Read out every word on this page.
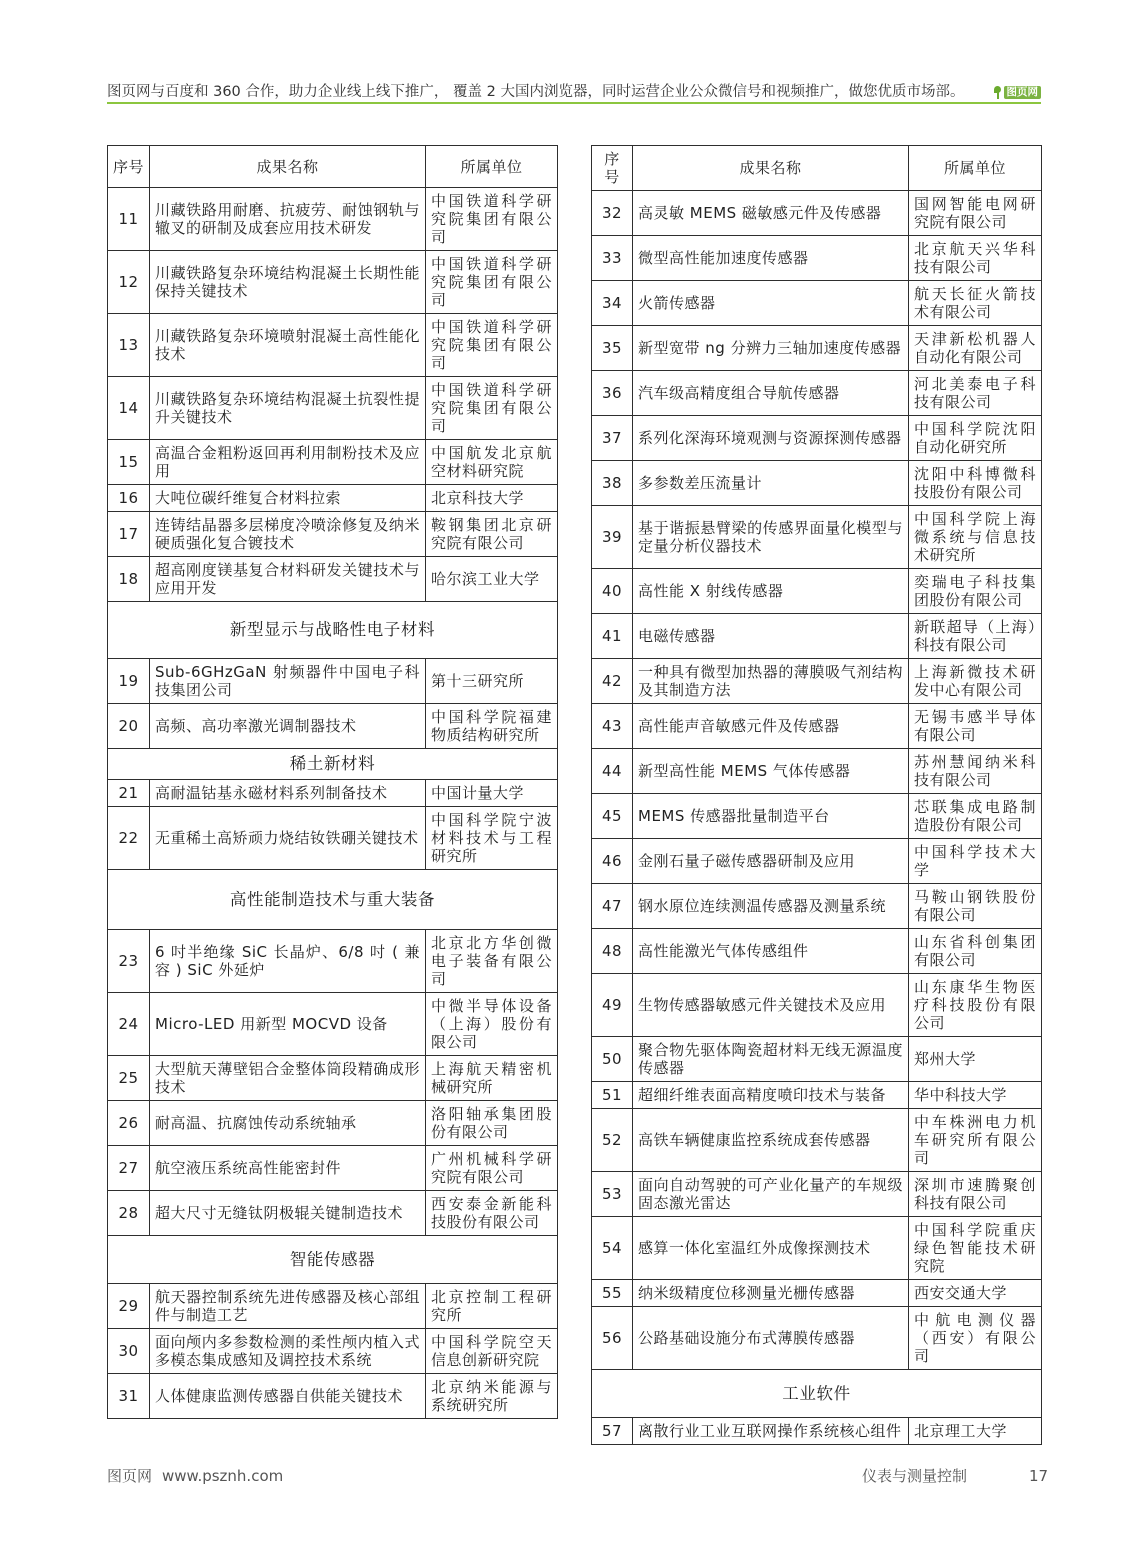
图页网与百度和 360 合作，助力企业线上线下推广， 覆盖 2 大国内浏览器，同时运营企业公众微信号和视频推广，做您优质市场部。	图页网
序号	成果名称	所属单位
11	川藏铁路用耐磨、抗疲劳、耐蚀钢轨与辙叉的研制及成套应用技术研发	中国铁道科学研究院集团有限公司
12	川藏铁路复杂环境结构混凝土长期性能保持关键技术	中国铁道科学研究院集团有限公司
13	川藏铁路复杂环境喷射混凝土高性能化技术	中国铁道科学研究院集团有限公司
14	川藏铁路复杂环境结构混凝土抗裂性提升关键技术	中国铁道科学研究院集团有限公司
15	高温合金粗粉返回再利用制粉技术及应用	中国航发北京航空材料研究院
16	大吨位碳纤维复合材料拉索	北京科技大学
17	连铸结晶器多层梯度冷喷涂修复及纳米硬质强化复合镀技术	鞍钢集团北京研究院有限公司
18	超高刚度镁基复合材料研发关键技术与应用开发	哈尔滨工业大学
新型显示与战略性电子材料		
19	Sub-6GHzGaN 射频器件中国电子科技集团公司	第十三研究所
20	高频、高功率激光调制器技术	中国科学院福建物质结构研究所
稀土新材料		
21	高耐温钴基永磁材料系列制备技术	中国计量大学
22	无重稀土高矫顽力烧结钕铁硼关键技术	中国科学院宁波材料技术与工程研究所
高性能制造技术与重大装备		
23	6 吋半绝缘 SiC 长晶炉、6/8 吋 ( 兼容 ) SiC 外延炉	北京北方华创微电子装备有限公司
24	Micro-LED 用新型 MOCVD 设备	中微半导体设备（上海）股份有限公司
25	大型航天薄壁铝合金整体筒段精确成形技术	上海航天精密机械研究所
26	耐高温、抗腐蚀传动系统轴承	洛阳轴承集团股份有限公司
27	航空液压系统高性能密封件	广州机械科学研究院有限公司
28	超大尺寸无缝钛阴极辊关键制造技术	西安泰金新能科技股份有限公司
智能传感器		
29	航天器控制系统先进传感器及核心部组件与制造工艺	北京控制工程研究所
30	面向颅内多参数检测的柔性颅内植入式多模态集成感知及调控技术系统	中国科学院空天信息创新研究院
31	人体健康监测传感器自供能关键技术	北京纳米能源与系统研究所
序号	成果名称	所属单位
32	高灵敏 MEMS 磁敏感元件及传感器	国网智能电网研究院有限公司
33	微型高性能加速度传感器	北京航天兴华科技有限公司
34	火箭传感器	航天长征火箭技术有限公司
35	新型宽带 ng 分辨力三轴加速度传感器	天津新松机器人自动化有限公司
36	汽车级高精度组合导航传感器	河北美泰电子科技有限公司
37	系列化深海环境观测与资源探测传感器	中国科学院沈阳自动化研究所
38	多参数差压流量计	沈阳中科博微科技股份有限公司
39	基于谐振悬臂梁的传感界面量化模型与定量分析仪器技术	中国科学院上海微系统与信息技术研究所
40	高性能 X 射线传感器	奕瑞电子科技集团股份有限公司
41	电磁传感器	新联超导（上海）科技有限公司
42	一种具有微型加热器的薄膜吸气剂结构及其制造方法	上海新微技术研发中心有限公司
43	高性能声音敏感元件及传感器	无锡韦感半导体有限公司
44	新型高性能 MEMS 气体传感器	苏州慧闻纳米科技有限公司
45	MEMS 传感器批量制造平台	芯联集成电路制造股份有限公司
46	金刚石量子磁传感器研制及应用	中国科学技术大学
47	钢水原位连续测温传感器及测量系统	马鞍山钢铁股份有限公司
48	高性能激光气体传感组件	山东省科创集团有限公司
49	生物传感器敏感元件关键技术及应用	山东康华生物医疗科技股份有限公司
50	聚合物先驱体陶瓷超材料无线无源温度传感器	郑州大学
51	超细纤维表面高精度喷印技术与装备	华中科技大学
52	高铁车辆健康监控系统成套传感器	中车株洲电力机车研究所有限公司
53	面向自动驾驶的可产业化量产的车规级固态激光雷达	深圳市速腾聚创科技有限公司
54	感算一体化室温红外成像探测技术	中国科学院重庆绿色智能技术研究院
55	纳米级精度位移测量光栅传感器	西安交通大学
56	公路基础设施分布式薄膜传感器	中航电测仪器（西安）有限公司
工业软件		
57	离散行业工业互联网操作系统核心组件	北京理工大学
图页网 www.psznh.com	仪表与测量控制	17
